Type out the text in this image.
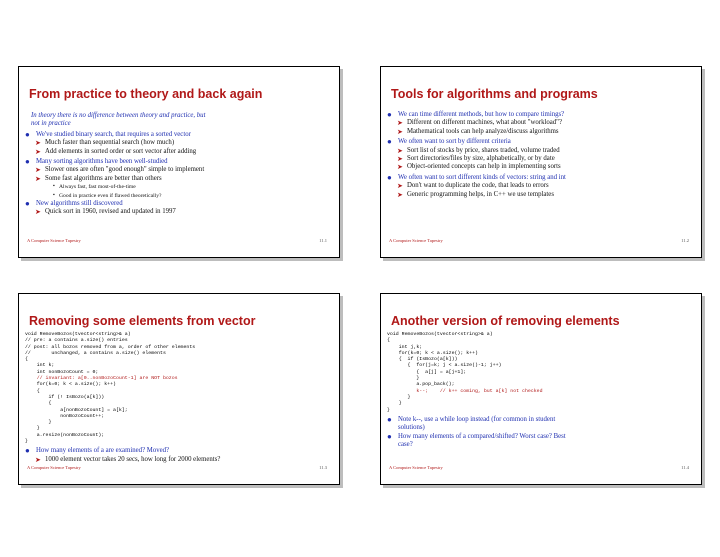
From practice to theory and back again
In theory there is no difference between theory and practice, but
not in practice
● We've studied binary search, that requires a sorted vector
➤ Much faster than sequential search (how much)
➤ Add elements in sorted order or sort vector after adding
● Many sorting algorithms have been well-studied
➤ Slower ones are often "good enough" simple to implement
➤ Some fast algorithms are better than others
▪ Always fast, fast most-of-the-time
▪ Good in practice even if flawed theoretically?
● New algorithms still discovered
➤ Quick sort in 1960, revised and updated in 1997
A Computer Science Tapestry	11.1
Tools for algorithms and programs
● We can time different methods, but how to compare timings?
➤ Different on different machines, what about "workload"?
➤ Mathematical tools can help analyze/discuss algorithms
● We often want to sort by different criteria
➤ Sort list of stocks by price, shares traded, volume traded
➤ Sort directories/files by size, alphabetically, or by date
➤ Object-oriented concepts can help in implementing sorts
● We often want to sort different kinds of vectors: string and int
➤ Don't want to duplicate the code, that leads to errors
➤ Generic programming helps, in C++ we use templates
A Computer Science Tapestry	11.2
Removing some elements from vector
void RemoveBozos(tvector<string>& a)
// pre: a contains a.size() entries
// post: all bozos removed from a, order of other elements
//       unchanged, a contains a.size() elements
{
int k;
int nonBozoCount = 0;
// invariant: a[0..nonBozoCount-1] are NOT bozos
for(k=0; k < a.size(); k++)
{
if (! IsBozo(a[k]))
{
a[nonBozoCount] = a[k];
nonBozoCount++;
}
}
a.resize(nonBozoCount);
}
● How many elements of a are examined? Moved?
➤ 1000 element vector takes 20 secs, how long for 2000 elements?
A Computer Science Tapestry	11.3
Another version of removing elements
void RemoveBozos(tvector<string>& a)
{
int j,k;
for(k=0; k < a.size(); k++)
{  if (IsBozo(a[k]))
{  for(j=k; j < a.size()-1; j++)
{  a[j] = a[j+1];
}
a.pop_back();
k--;    // k++ coming, but a[k] not checked
}
}
}
● Note k--, use a while loop instead (for common in student
solutions)
● How many elements of a compared/shifted? Worst case? Best
case?
A Computer Science Tapestry	11.4
